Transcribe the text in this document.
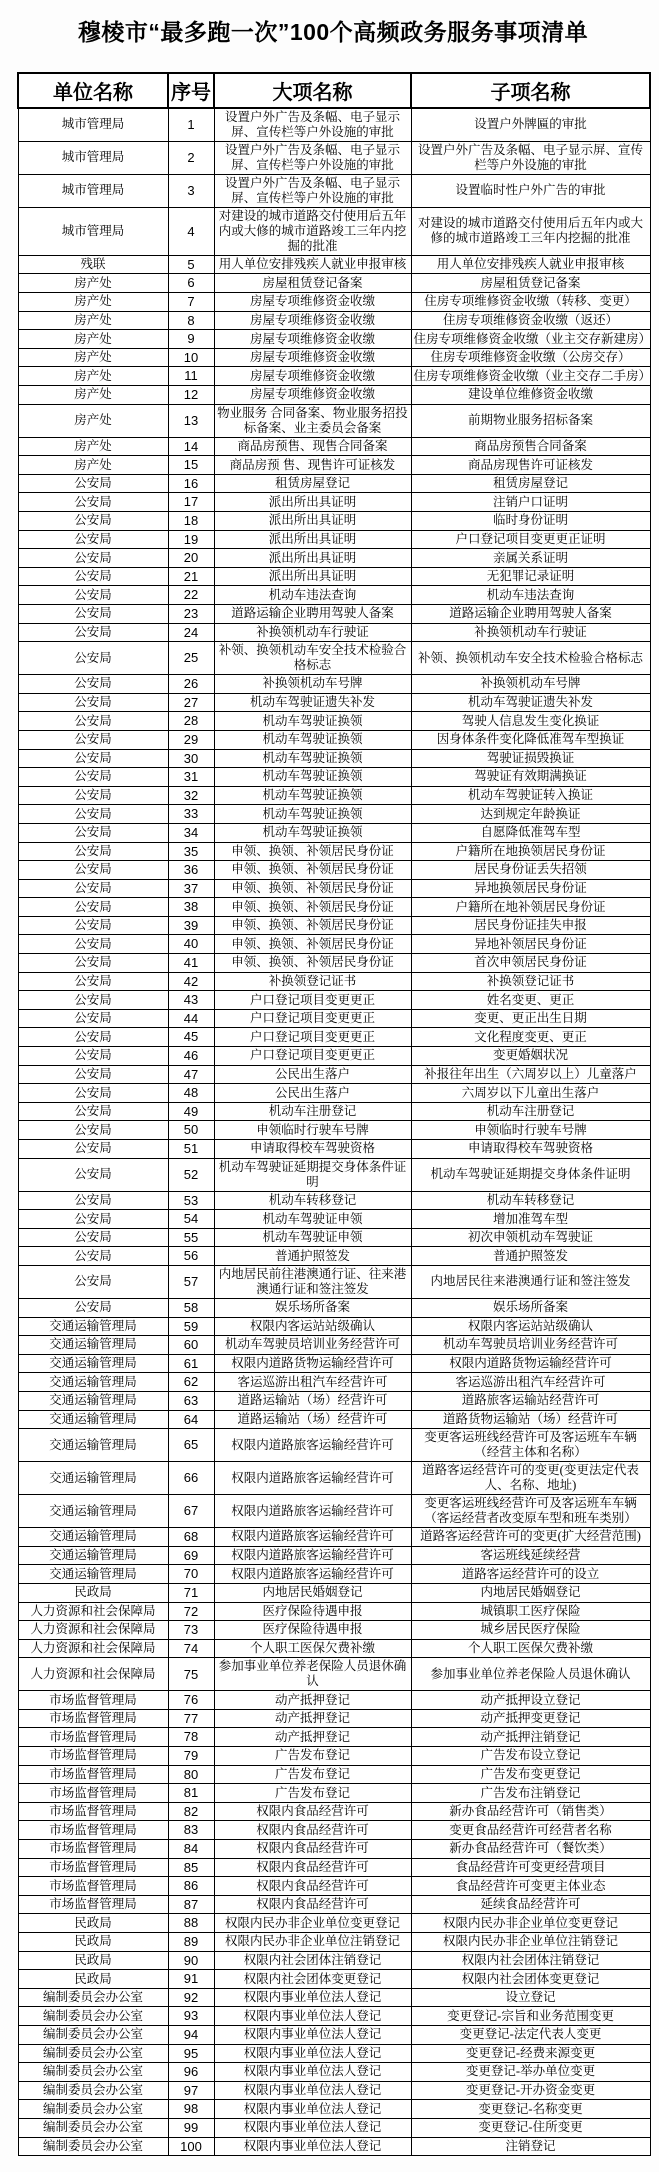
穆棱市“最多跑一次”100个高频政务服务事项清单
单位名称	序号	大项名称	子项名称
城市管理局	1	设置户外广告及条幅、电子显示屏、宣传栏等户外设施的审批	设置户外牌匾的审批
城市管理局	2	设置户外广告及条幅、电子显示屏、宣传栏等户外设施的审批	设置户外广告及条幅、电子显示屏、宣传栏等户外设施的审批
城市管理局	3	设置户外广告及条幅、电子显示屏、宣传栏等户外设施的审批	设置临时性户外广告的审批
城市管理局	4	对建设的城市道路交付使用后五年内或大修的城市道路竣工三年内挖掘的批准	对建设的城市道路交付使用后五年内或大修的城市道路竣工三年内挖掘的批准
残联	5	用人单位安排残疾人就业申报审核	用人单位安排残疾人就业申报审核
房产处	6	房屋租赁登记备案	房屋租赁登记备案
房产处	7	房屋专项维修资金收缴	住房专项维修资金收缴（转移、变更）
房产处	8	房屋专项维修资金收缴	住房专项维修资金收缴（返还）
房产处	9	房屋专项维修资金收缴	住房专项维修资金收缴（业主交存新建房）
房产处	10	房屋专项维修资金收缴	住房专项维修资金收缴（公房交存）
房产处	11	房屋专项维修资金收缴	住房专项维修资金收缴（业主交存二手房）
房产处	12	房屋专项维修资金收缴	建设单位维修资金收缴
房产处	13	物业服务 合同备案、物业服务招投标备案、业主委员会备案	前期物业服务招标备案
房产处	14	商品房预售、现售合同备案	商品房预售合同备案
房产处	15	商品房预 售、现售许可证核发	商品房现售许可证核发
公安局	16	租赁房屋登记	租赁房屋登记
公安局	17	派出所出具证明	注销户口证明
公安局	18	派出所出具证明	临时身份证明
公安局	19	派出所出具证明	户口登记项目变更更正证明
公安局	20	派出所出具证明	亲属关系证明
公安局	21	派出所出具证明	无犯罪记录证明
公安局	22	机动车违法查询	机动车违法查询
公安局	23	道路运输企业聘用驾驶人备案	道路运输企业聘用驾驶人备案
公安局	24	补换领机动车行驶证	补换领机动车行驶证
公安局	25	补领、换领机动车安全技术检验合格标志	补领、换领机动车安全技术检验合格标志
公安局	26	补换领机动车号牌	补换领机动车号牌
公安局	27	机动车驾驶证遗失补发	机动车驾驶证遗失补发
公安局	28	机动车驾驶证换领	驾驶人信息发生变化换证
公安局	29	机动车驾驶证换领	因身体条件变化降低准驾车型换证
公安局	30	机动车驾驶证换领	驾驶证损毁换证
公安局	31	机动车驾驶证换领	驾驶证有效期满换证
公安局	32	机动车驾驶证换领	机动车驾驶证转入换证
公安局	33	机动车驾驶证换领	达到规定年龄换证
公安局	34	机动车驾驶证换领	自愿降低准驾车型
公安局	35	申领、换领、补领居民身份证	户籍所在地换领居民身份证
公安局	36	申领、换领、补领居民身份证	居民身份证丢失招领
公安局	37	申领、换领、补领居民身份证	异地换领居民身份证
公安局	38	申领、换领、补领居民身份证	户籍所在地补领居民身份证
公安局	39	申领、换领、补领居民身份证	居民身份证挂失申报
公安局	40	申领、换领、补领居民身份证	异地补领居民身份证
公安局	41	申领、换领、补领居民身份证	首次申领居民身份证
公安局	42	补换领登记证书	补换领登记证书
公安局	43	户口登记项目变更更正	姓名变更、更正
公安局	44	户口登记项目变更更正	变更、更正出生日期
公安局	45	户口登记项目变更更正	文化程度变更、更正
公安局	46	户口登记项目变更更正	变更婚姻状况
公安局	47	公民出生落户	补报往年出生（六周岁以上）儿童落户
公安局	48	公民出生落户	六周岁以下儿童出生落户
公安局	49	机动车注册登记	机动车注册登记
公安局	50	申领临时行驶车号牌	申领临时行驶车号牌
公安局	51	申请取得校车驾驶资格	申请取得校车驾驶资格
公安局	52	机动车驾驶证延期提交身体条件证明	机动车驾驶证延期提交身体条件证明
公安局	53	机动车转移登记	机动车转移登记
公安局	54	机动车驾驶证申领	增加准驾车型
公安局	55	机动车驾驶证申领	初次申领机动车驾驶证
公安局	56	普通护照签发	普通护照签发
公安局	57	内地居民前往港澳通行证、往来港澳通行证和签注签发	内地居民往来港澳通行证和签注签发
公安局	58	娱乐场所备案	娱乐场所备案
交通运输管理局	59	权限内客运站站级确认	权限内客运站站级确认
交通运输管理局	60	机动车驾驶员培训业务经营许可	机动车驾驶员培训业务经营许可
交通运输管理局	61	权限内道路货物运输经营许可	权限内道路货物运输经营许可
交通运输管理局	62	客运巡游出租汽车经营许可	客运巡游出租汽车经营许可
交通运输管理局	63	道路运输站（场）经营许可	道路旅客运输站经营许可
交通运输管理局	64	道路运输站（场）经营许可	道路货物运输站（场）经营许可
交通运输管理局	65	权限内道路旅客运输经营许可	变更客运班线经营许可及客运班车车辆（经营主体和名称）
交通运输管理局	66	权限内道路旅客运输经营许可	道路客运经营许可的变更(变更法定代表人、名称、地址)
交通运输管理局	67	权限内道路旅客运输经营许可	变更客运班线经营许可及客运班车车辆（客运经营者改变原车型和班车类别）
交通运输管理局	68	权限内道路旅客运输经营许可	道路客运经营许可的变更(扩大经营范围)
交通运输管理局	69	权限内道路旅客运输经营许可	客运班线延续经营
交通运输管理局	70	权限内道路旅客运输经营许可	道路客运经营许可的设立
民政局	71	内地居民婚姻登记	内地居民婚姻登记
人力资源和社会保障局	72	医疗保险待遇申报	城镇职工医疗保险
人力资源和社会保障局	73	医疗保险待遇申报	城乡居民医疗保险
人力资源和社会保障局	74	个人职工医保欠费补缴	个人职工医保欠费补缴
人力资源和社会保障局	75	参加事业单位养老保险人员退休确认	参加事业单位养老保险人员退休确认
市场监督管理局	76	动产抵押登记	动产抵押设立登记
市场监督管理局	77	动产抵押登记	动产抵押变更登记
市场监督管理局	78	动产抵押登记	动产抵押注销登记
市场监督管理局	79	广告发布登记	广告发布设立登记
市场监督管理局	80	广告发布登记	广告发布变更登记
市场监督管理局	81	广告发布登记	广告发布注销登记
市场监督管理局	82	权限内食品经营许可	新办食品经营许可（销售类）
市场监督管理局	83	权限内食品经营许可	变更食品经营许可经营者名称
市场监督管理局	84	权限内食品经营许可	新办食品经营许可（餐饮类）
市场监督管理局	85	权限内食品经营许可	食品经营许可变更经营项目
市场监督管理局	86	权限内食品经营许可	食品经营许可变更主体业态
市场监督管理局	87	权限内食品经营许可	延续食品经营许可
民政局	88	权限内民办非企业单位变更登记	权限内民办非企业单位变更登记
民政局	89	权限内民办非企业单位注销登记	权限内民办非企业单位注销登记
民政局	90	权限内社会团体注销登记	权限内社会团体注销登记
民政局	91	权限内社会团体变更登记	权限内社会团体变更登记
编制委员会办公室	92	权限内事业单位法人登记	设立登记
编制委员会办公室	93	权限内事业单位法人登记	变更登记-宗旨和业务范围变更
编制委员会办公室	94	权限内事业单位法人登记	变更登记-法定代表人变更
编制委员会办公室	95	权限内事业单位法人登记	变更登记-经费来源变更
编制委员会办公室	96	权限内事业单位法人登记	变更登记-举办单位变更
编制委员会办公室	97	权限内事业单位法人登记	变更登记-开办资金变更
编制委员会办公室	98	权限内事业单位法人登记	变更登记-名称变更
编制委员会办公室	99	权限内事业单位法人登记	变更登记-住所变更
编制委员会办公室	100	权限内事业单位法人登记	注销登记
